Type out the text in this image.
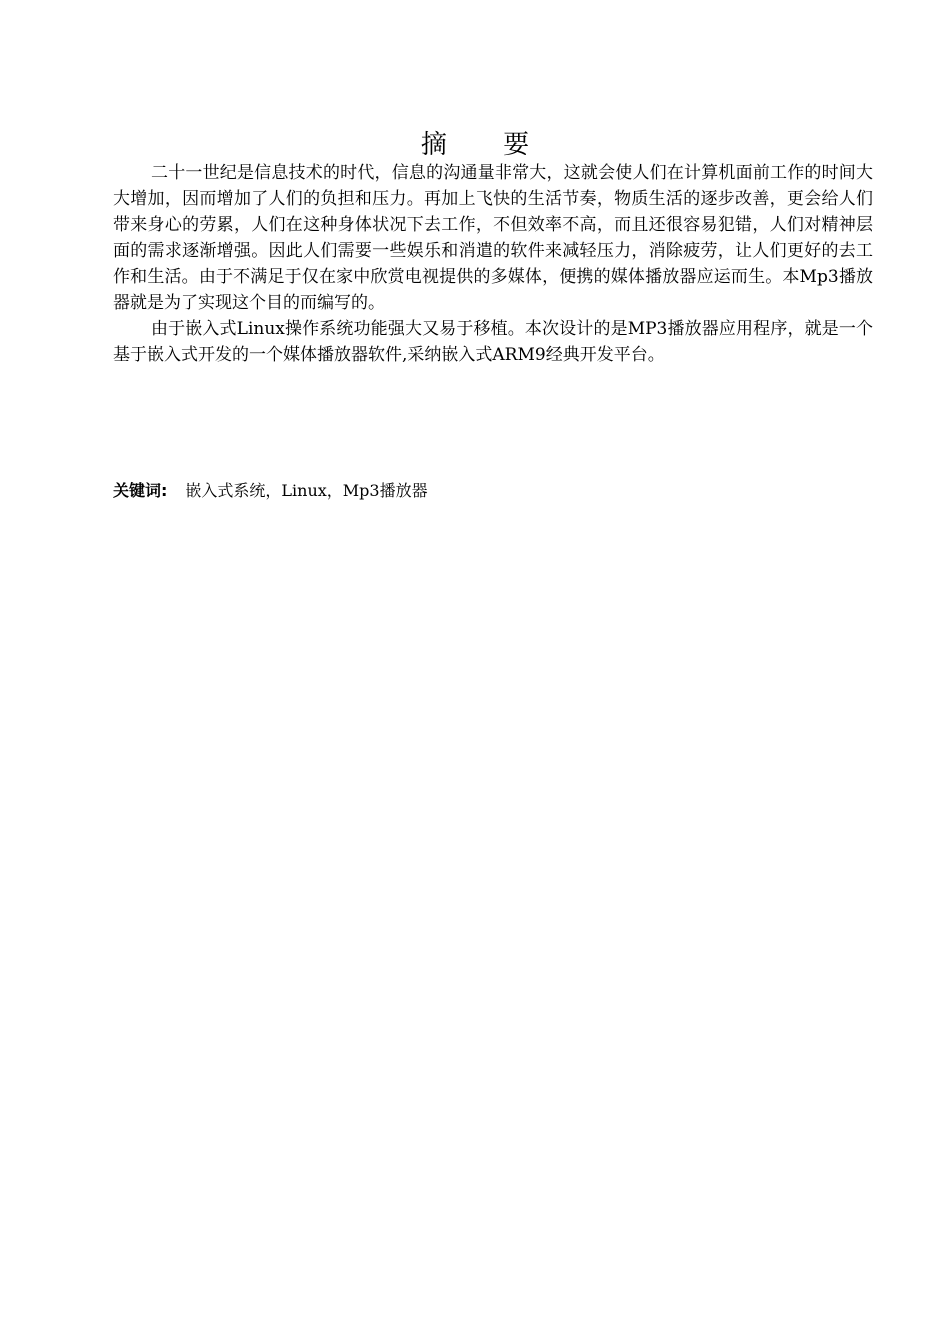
摘 要

二十一世纪是信息技术的时代，信息的沟通量非常大，这就会使人们在计算机面前工作的时间大大增加，因而增加了人们的负担和压力。再加上飞快的生活节奏，物质生活的逐步改善，更会给人们带来身心的劳累，人们在这种身体状况下去工作，不但效率不高，而且还很容易犯错，人们对精神层面的需求逐渐增强。因此人们需要一些娱乐和消遣的软件来减轻压力，消除疲劳，让人们更好的去工作和生活。由于不满足于仅在家中欣赏电视提供的多媒体，便携的媒体播放器应运而生。本Mp3播放器就是为了实现这个目的而编写的。

由于嵌入式Linux操作系统功能强大又易于移植。本次设计的是MP3播放器应用程序，就是一个基于嵌入式开发的一个媒体播放器软件,采纳嵌入式ARM9经典开发平台。

关键词: 嵌入式系统，Linux，Mp3播放器
